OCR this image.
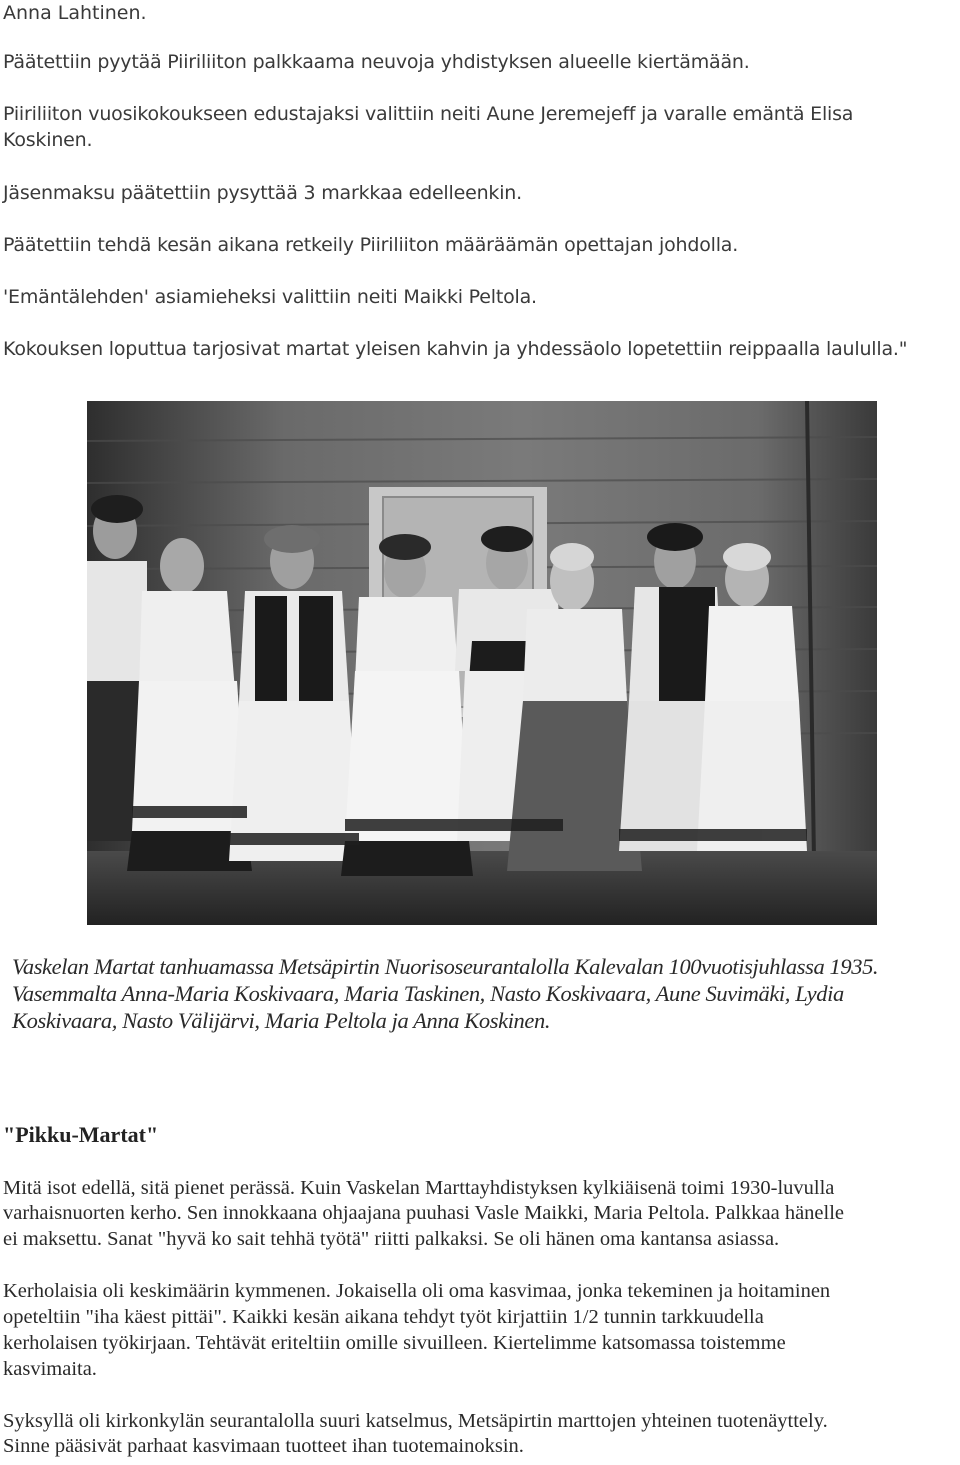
Anna Lahtinen.

Päätettiin pyytää Piiriliiton palkkaama neuvoja yhdistyksen alueelle kiertämään.

Piiriliiton vuosikokoukseen edustajaksi valittiin neiti Aune Jeremejeff ja varalle emäntä Elisa

Koskinen.

Jäsenmaksu päätettiin pysyttää 3 markkaa edelleenkin.

Päätettiin tehdä kesän aikana retkeily Piiriliiton määräämän opettajan johdolla.

'Emäntälehden' asiamieheksi valittiin neiti Maikki Peltola.

Kokouksen loputtua tarjosivat martat yleisen kahvin ja yhdessäolo lopetettiin reippaalla laululla."

Vaskelan Martat tanhuamassa Metsäpirtin Nuorisoseurantalolla Kalevalan 100vuotisjuhlassa 1935.
Vasemmalta Anna-Maria Koskivaara, Maria Taskinen, Nasto Koskivaara, Aune Suvimäki, Lydia
Koskivaara, Nasto Välijärvi, Maria Peltola ja Anna Koskinen.
"Pikku-Martat"
Mitä isot edellä, sitä pienet perässä. Kuin Vaskelan Marttayhdistyksen kylkiäisenä toimi 1930-luvulla
varhaisnuorten kerho. Sen innokkaana ohjaajana puuhasi Vasle Maikki, Maria Peltola. Palkkaa hänelle
ei maksettu. Sanat "hyvä ko sait tehhä työtä" riitti palkaksi. Se oli hänen oma kantansa asiassa.
Kerholaisia oli keskimäärin kymmenen. Jokaisella oli oma kasvimaa, jonka tekeminen ja hoitaminen
opeteltiin "iha käest pittäi". Kaikki kesän aikana tehdyt työt kirjattiin 1/2 tunnin tarkkuudella
kerholaisen työkirjaan. Tehtävät eriteltiin omille sivuilleen. Kiertelimme katsomassa toistemme
kasvimaita.
Syksyllä oli kirkonkylän seurantalolla suuri katselmus, Metsäpirtin marttojen yhteinen tuotenäyttely.
Sinne pääsivät parhaat kasvimaan tuotteet ihan tuotemainoksin.
